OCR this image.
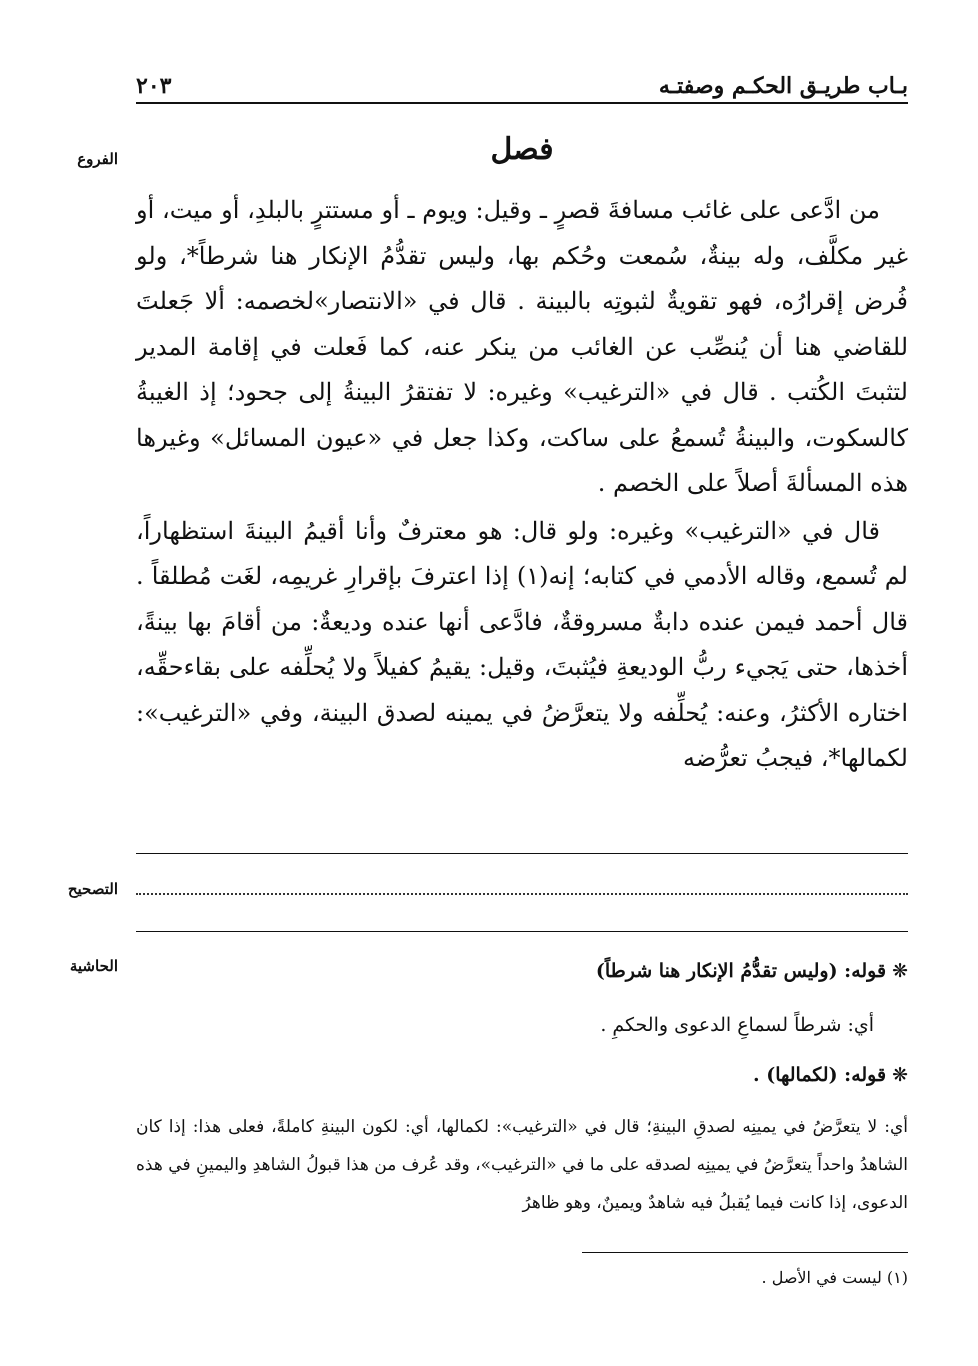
بـاب طريـق الحكـم وصفتـه
٢٠٣
الفروع	فصل

من ادَّعى على غائب مسافةَ قصرٍ ـ وقيل: ويوم ـ أو مستترٍ بالبلدِ، أو ميت، أو غير مكلَّف، وله بينةٌ، سُمعت وحُكم بها، وليس تقدُّمُ الإنكار هنا شرطاً*، ولو فُرض إقرارُه، فهو تقويةٌ لثبوتِه بالبينة . قال في «الانتصار»لخصمه: ألا جَعلتَ للقاضي هنا أن يُنصِّب عن الغائب من ينكر عنه، كما فَعلت في إقامة المدير لتثبتَ الكُتب . قال في «الترغيب» وغيره: لا تفتقرُ البينةُ إلى جحود؛ إذ الغيبةُ كالسكوت، والبينةُ تُسمعُ على ساكت، وكذا جعل في «عيون المسائل» وغيرها هذه المسألةَ أصلاً على الخصم .

قال في «الترغيب» وغيره: ولو قال: هو معترفٌ وأنا أقيمُ البينةَ استظهاراً، لم تُسمع، وقاله الأدمي في كتابه؛ إنه(١) إذا اعترفَ بإقرارِ غريمِه، لغَت مُطلقاً . قال أحمد فيمن عنده دابةٌ مسروقةٌ، فادَّعى أنها عنده وديعةٌ: من أقامَ بها بينةً، أخذها، حتى يَجيء ربُّ الوديعةِ فيُثبتَ، وقيل: يقيمُ كفيلاً ولا يُحلِّفه على بقاءحقِّه، اختاره الأكثرُ، وعنه: يُحلِّفه ولا يتعرَّضُ في يمينه لصدق البينة، وفي «الترغيب»: لكمالها*، فيجبُ تعرُّضه

التصحيح
الحاشية	❋قوله: (وليس تقدُّمُ الإنكار هنا شرطاً)
أي: شرطاً لسماعِ الدعوى والحكمِ .
❋قوله: (لكمالها) .
أي: لا يتعرَّضُ في يمينِه لصدقِ البينةِ؛ قال في «الترغيب»: لكمالها، أي: لكون البينةِ كاملةً، فعلى هذا: إذا كان الشاهدُ واحداً يتعرَّضُ في يمينِه لصدقه على ما في «الترغيب»، وقد عُرف من هذا قبولُ الشاهدِ واليمينِ في هذه الدعوى، إذا كانت فيما يُقبلُ فيه شاهدٌ ويمينٌ، وهو ظاهرُ
(١) ليست في الأصل .
